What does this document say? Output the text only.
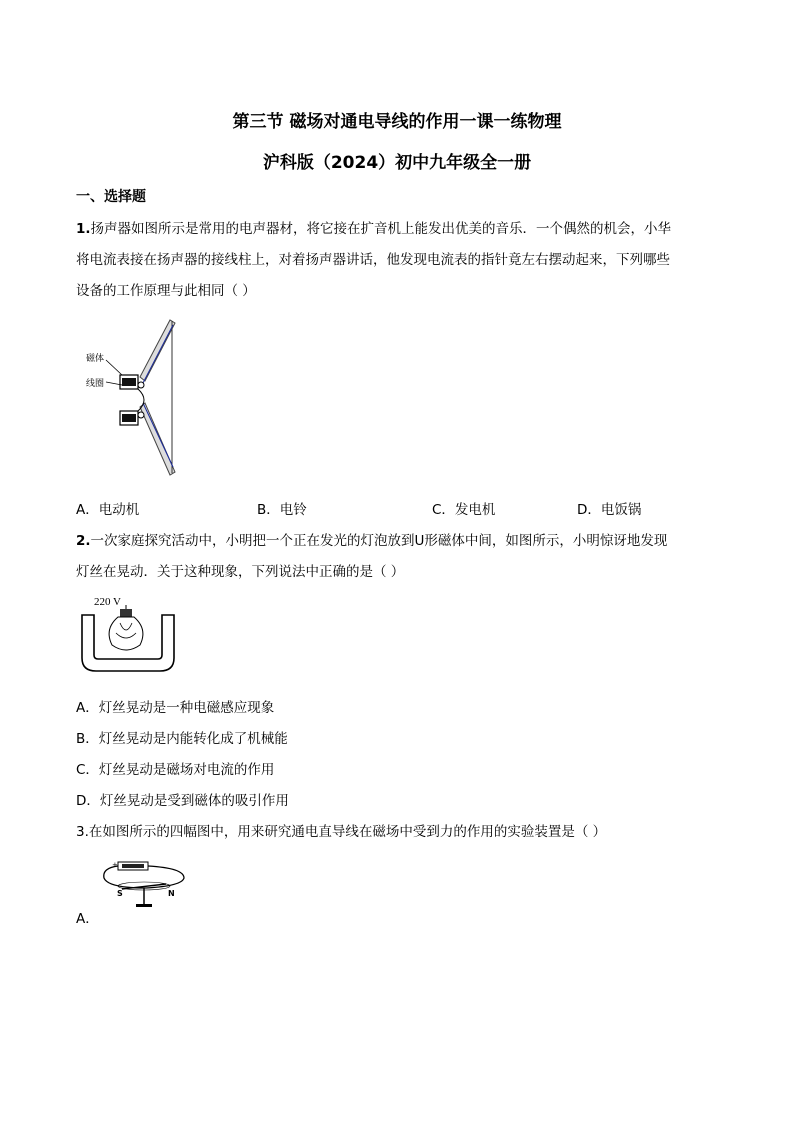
第三节 磁场对通电导线的作用一课一练物理
沪科版（2024）初中九年级全一册
一、选择题
1.扬声器如图所示是常用的电声器材，将它接在扩音机上能发出优美的音乐．一个偶然的机会，小华
将电流表接在扬声器的接线柱上，对着扬声器讲话，他发现电流表的指针竟左右摆动起来，下列哪些
设备的工作原理与此相同（ ）
磁体
线圈
A．电动机	B．电铃	C．发电机	D．电饭锅
2.一次家庭探究活动中，小明把一个正在发光的灯泡放到U形磁体中间，如图所示，小明惊讶地发现
灯丝在晃动．关于这种现象，下列说法中正确的是（ ）
220 V
A．灯丝晃动是一种电磁感应现象
B．灯丝晃动是内能转化成了机械能
C．灯丝晃动是磁场对电流的作用
D．灯丝晃动是受到磁体的吸引作用
3.在如图所示的四幅图中，用来研究通电直导线在磁场中受到力的作用的实验装置是（ ）
+
S	N
A．
